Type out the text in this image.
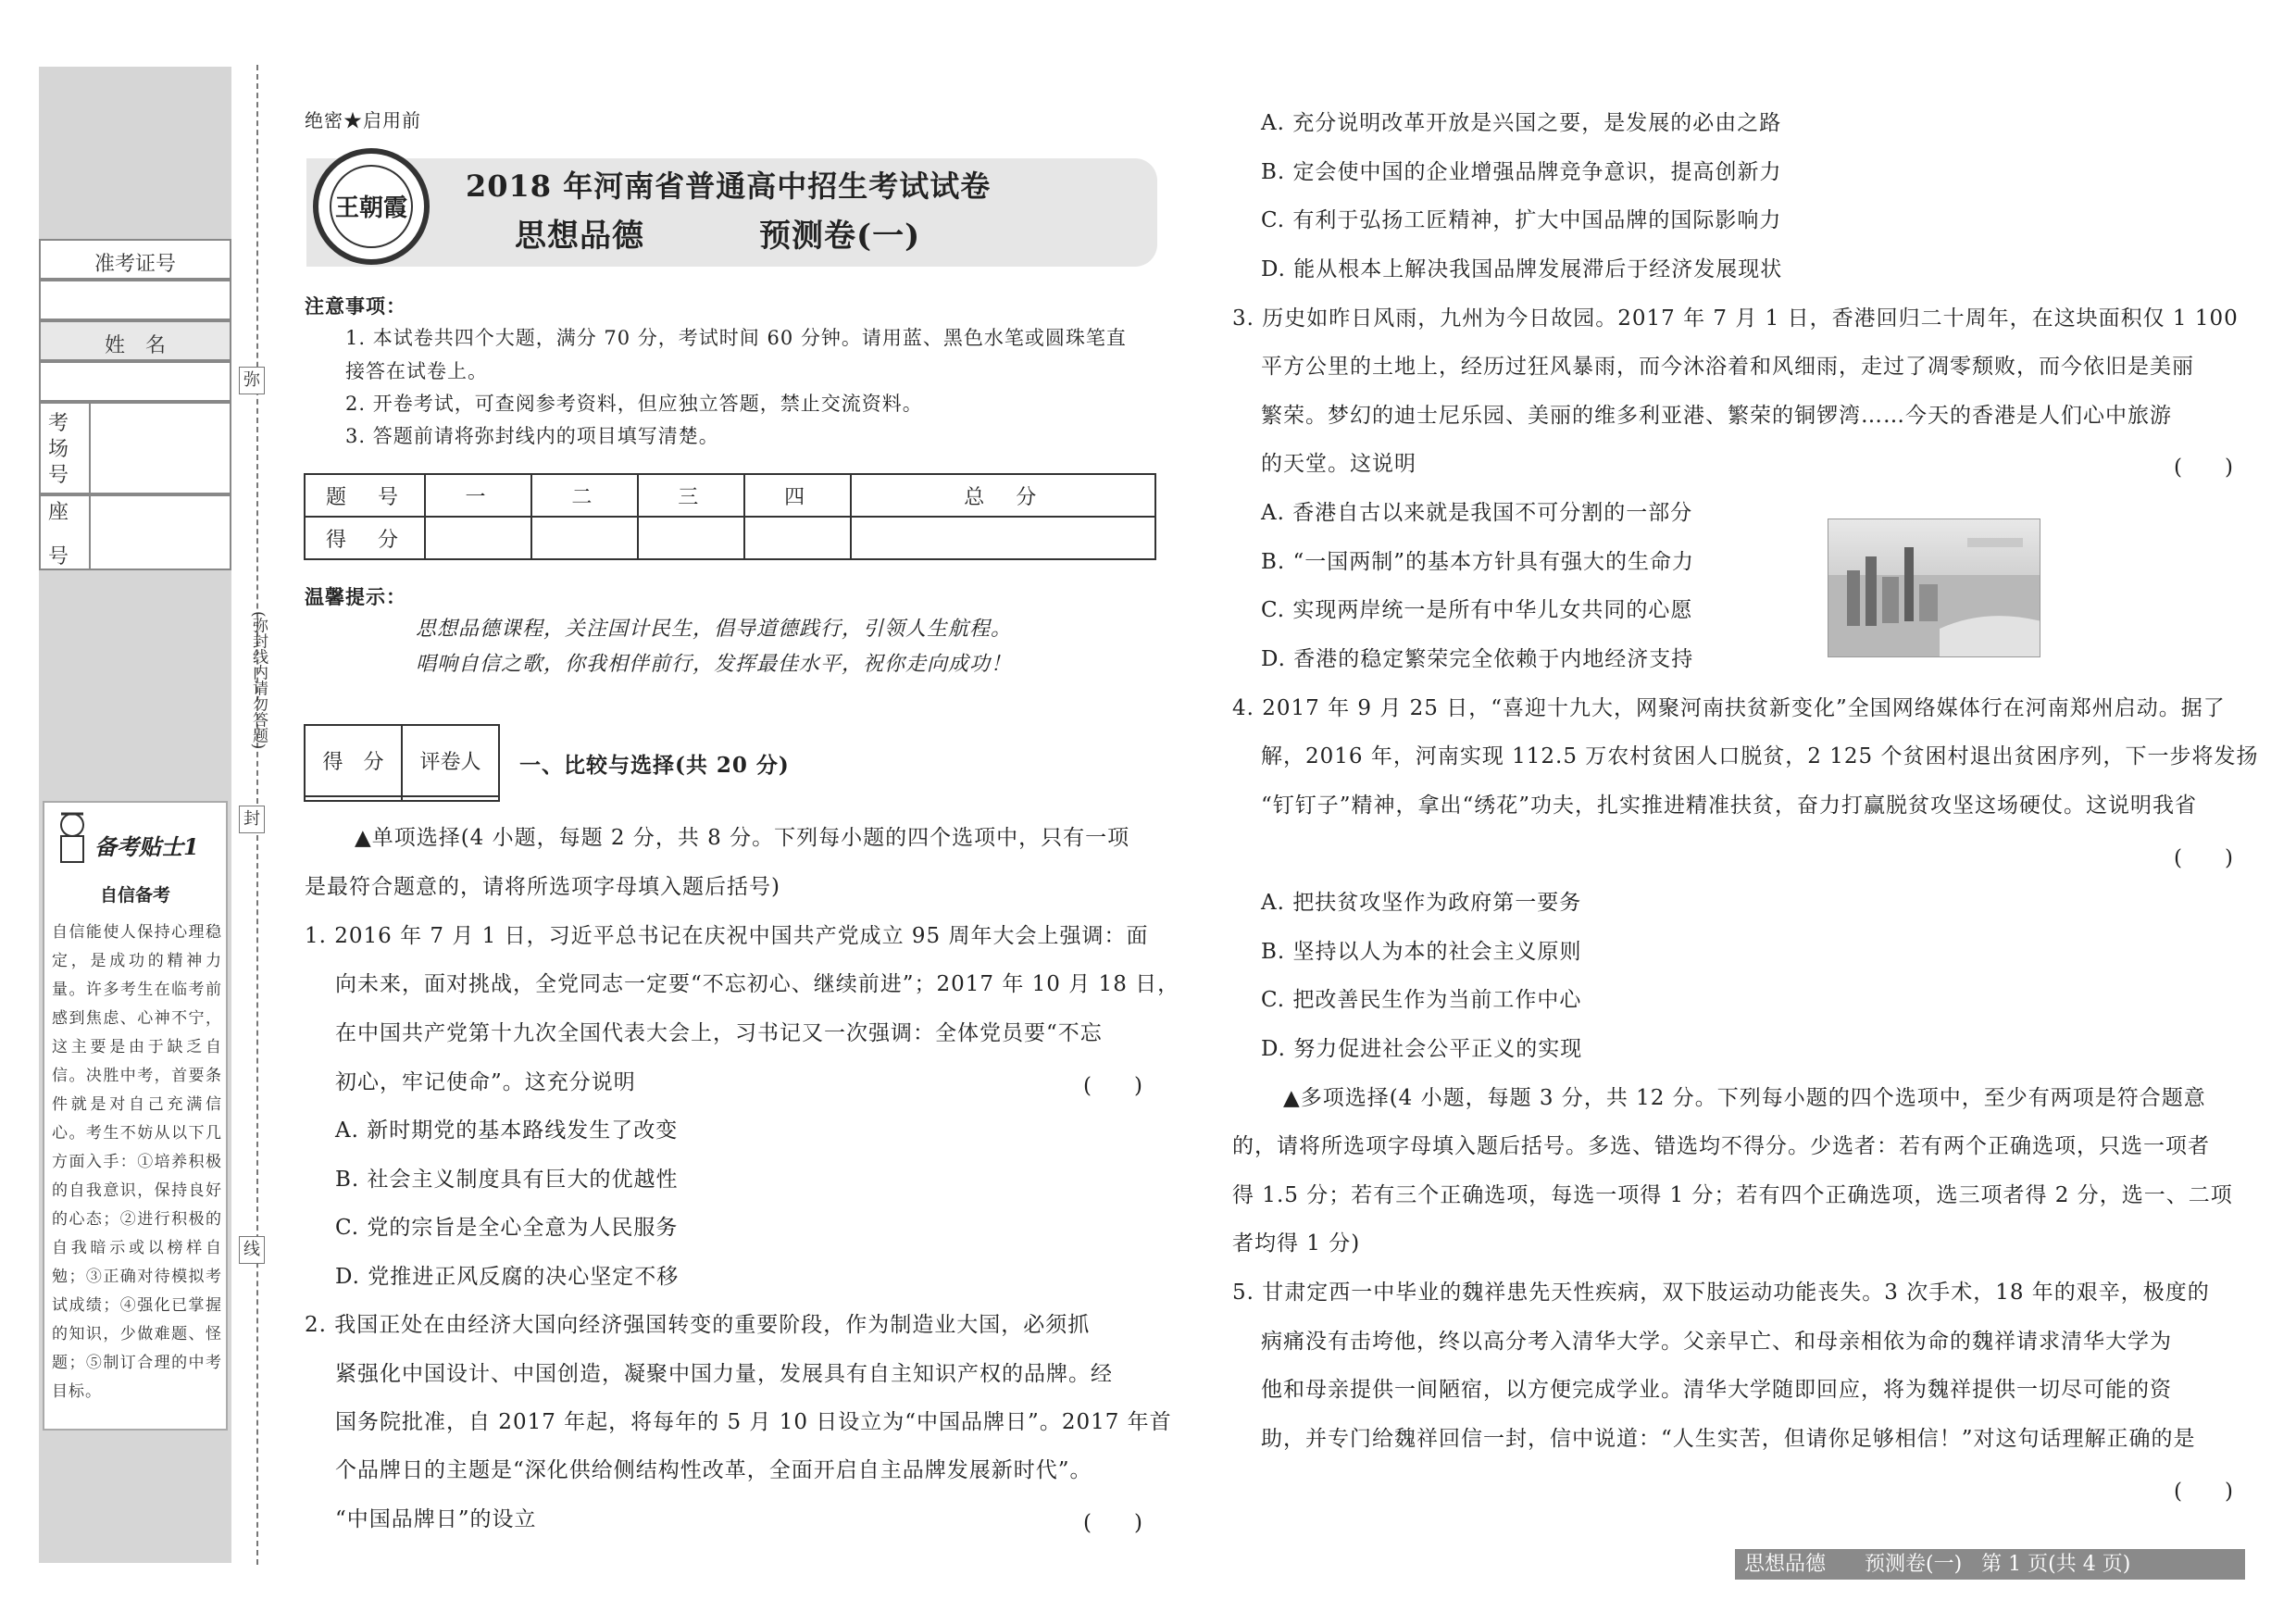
准考证号
姓　名
考
场
号
座

号
弥
(弥封线内请勿答题)
封
线
备考贴士1
自信备考
自信能使人保持心理稳定，是成功的精神力量。许多考生在临考前感到焦虑、心神不宁，这主要是由于缺乏自信。决胜中考，首要条件就是对自己充满信心。考生不妨从以下几方面入手：①培养积极的自我意识，保持良好的心态；②进行积极的自我暗示或以榜样自勉；③正确对待模拟考试成绩；④强化已掌握的知识，少做难题、怪题；⑤制订合理的中考目标。
绝密★启用前
王朝霞
2018 年河南省普通高中招生考试试卷
思想品德	预测卷(一)
注意事项：
1. 本试卷共四个大题，满分 70 分，考试时间 60 分钟。请用蓝、黑色水笔或圆珠笔直
接答在试卷上。
2. 开卷考试，可查阅参考资料，但应独立答题，禁止交流资料。
3. 答题前请将弥封线内的项目填写清楚。
题　号	一	二	三	四	总　分
得　分					
温馨提示：
思想品德课程，关注国计民生，倡导道德践行，引领人生航程。
唱响自信之歌，你我相伴前行，发挥最佳水平，祝你走向成功！
得　分	评卷人
	一、比较与选择(共 20 分)
▲单项选择(4 小题，每题 2 分，共 8 分。下列每小题的四个选项中，只有一项
是最符合题意的，请将所选项字母填入题后括号)
1. 2016 年 7 月 1 日，习近平总书记在庆祝中国共产党成立 95 周年大会上强调：面
向未来，面对挑战，全党同志一定要“不忘初心、继续前进”；2017 年 10 月 18 日，
在中国共产党第十九次全国代表大会上，习书记又一次强调：全体党员要“不忘
初心，牢记使命”。这充分说明	(　　)
A. 新时期党的基本路线发生了改变
B. 社会主义制度具有巨大的优越性
C. 党的宗旨是全心全意为人民服务
D. 党推进正风反腐的决心坚定不移
2. 我国正处在由经济大国向经济强国转变的重要阶段，作为制造业大国，必须抓
紧强化中国设计、中国创造，凝聚中国力量，发展具有自主知识产权的品牌。经
国务院批准，自 2017 年起，将每年的 5 月 10 日设立为“中国品牌日”。2017 年首
个品牌日的主题是“深化供给侧结构性改革，全面开启自主品牌发展新时代”。
“中国品牌日”的设立	(　　)
A. 充分说明改革开放是兴国之要，是发展的必由之路
B. 定会使中国的企业增强品牌竞争意识，提高创新力
C. 有利于弘扬工匠精神，扩大中国品牌的国际影响力
D. 能从根本上解决我国品牌发展滞后于经济发展现状
3. 历史如昨日风雨，九州为今日故园。2017 年 7 月 1 日，香港回归二十周年，在这块面积仅 1 100
平方公里的土地上，经历过狂风暴雨，而今沐浴着和风细雨，走过了凋零颓败，而今依旧是美丽
繁荣。梦幻的迪士尼乐园、美丽的维多利亚港、繁荣的铜锣湾……今天的香港是人们心中旅游
的天堂。这说明	(　　)
A. 香港自古以来就是我国不可分割的一部分
B. “一国两制”的基本方针具有强大的生命力
C. 实现两岸统一是所有中华儿女共同的心愿
D. 香港的稳定繁荣完全依赖于内地经济支持
4. 2017 年 9 月 25 日，“喜迎十九大，网聚河南扶贫新变化”全国网络媒体行在河南郑州启动。据了
解，2016 年，河南实现 112.5 万农村贫困人口脱贫，2 125 个贫困村退出贫困序列，下一步将发扬
“钉钉子”精神，拿出“绣花”功夫，扎实推进精准扶贫，奋力打赢脱贫攻坚这场硬仗。这说明我省
(　　)
A. 把扶贫攻坚作为政府第一要务
B. 坚持以人为本的社会主义原则
C. 把改善民生作为当前工作中心
D. 努力促进社会公平正义的实现
▲多项选择(4 小题，每题 3 分，共 12 分。下列每小题的四个选项中，至少有两项是符合题意
的，请将所选项字母填入题后括号。多选、错选均不得分。少选者：若有两个正确选项，只选一项者
得 1.5 分；若有三个正确选项，每选一项得 1 分；若有四个正确选项，选三项者得 2 分，选一、二项
者均得 1 分)
5. 甘肃定西一中毕业的魏祥患先天性疾病，双下肢运动功能丧失。3 次手术，18 年的艰辛，极度的
病痛没有击垮他，终以高分考入清华大学。父亲早亡、和母亲相依为命的魏祥请求清华大学为
他和母亲提供一间陋宿，以方便完成学业。清华大学随即回应，将为魏祥提供一切尽可能的资
助，并专门给魏祥回信一封，信中说道：“人生实苦，但请你足够相信！”对这句话理解正确的是
(　　)
思想品德 预测卷(一) 第 1 页(共 4 页)
